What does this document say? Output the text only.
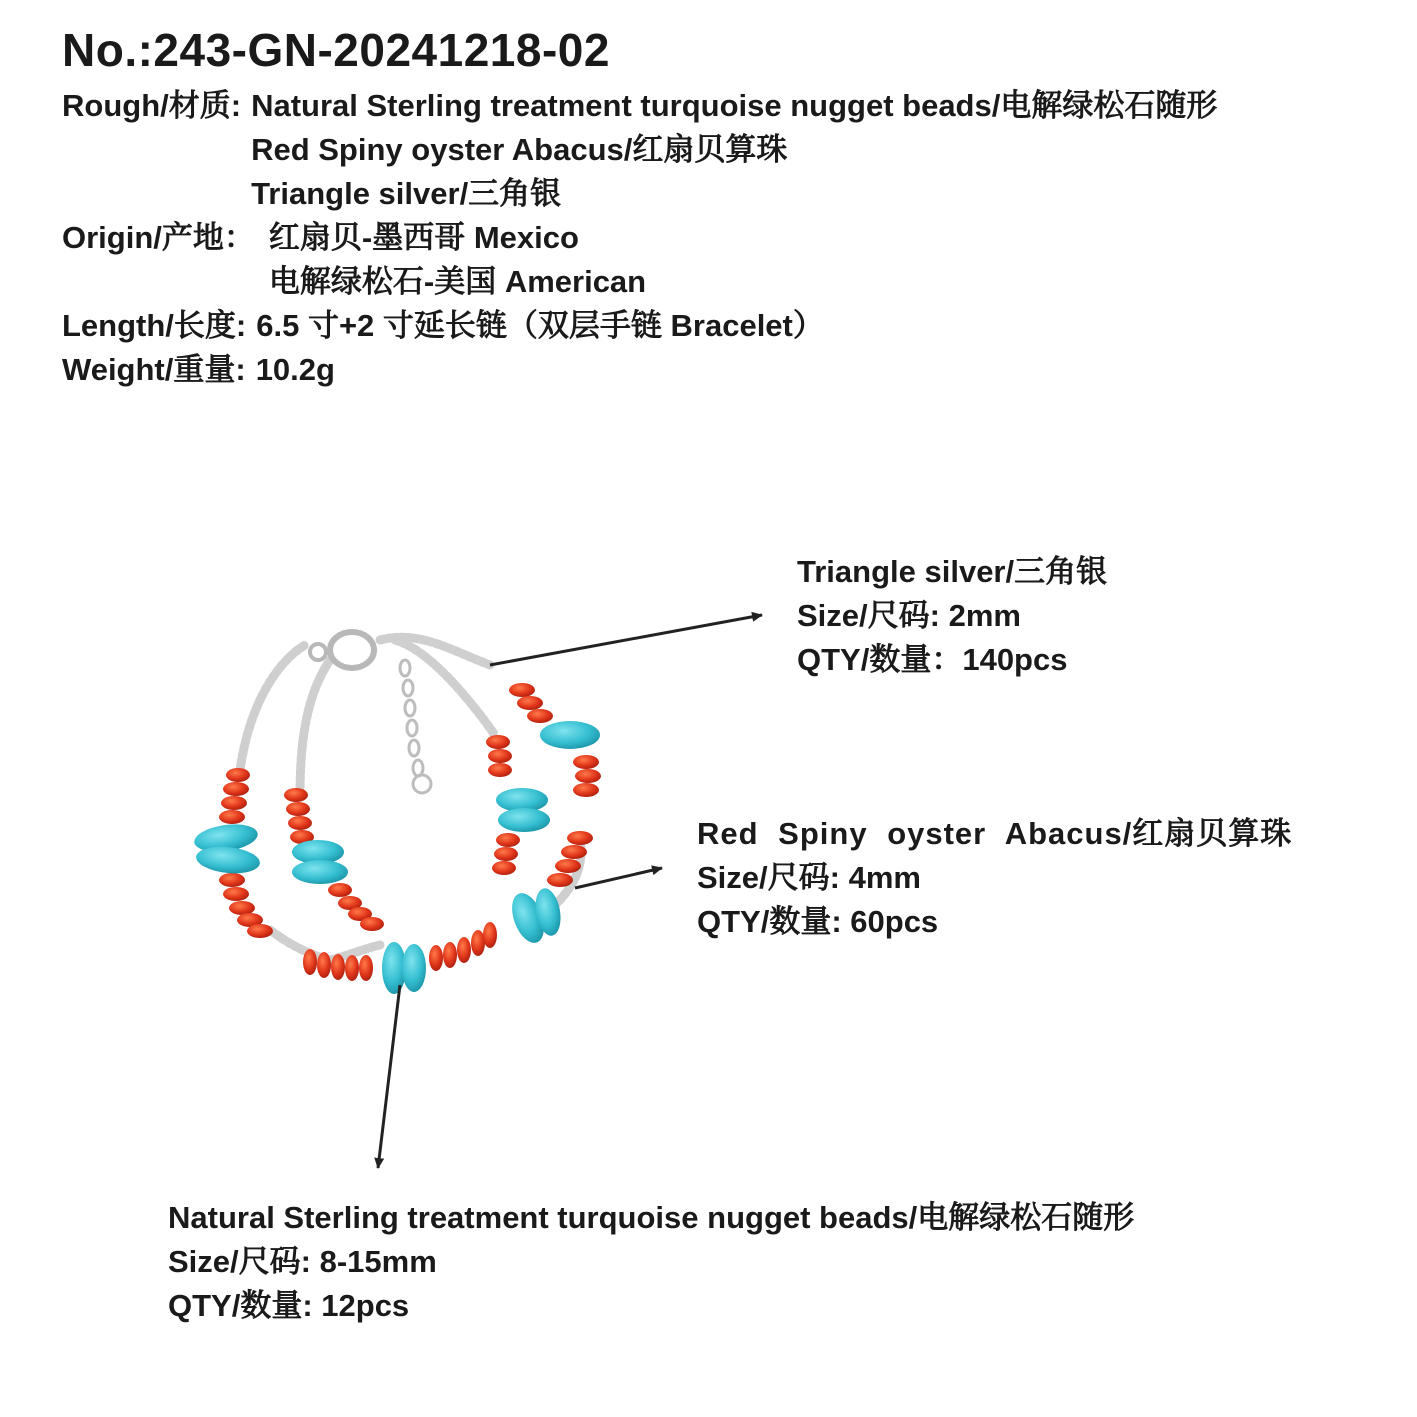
No.:243-GN-20241218-02
Rough/材质: Natural Sterling treatment turquoise nugget beads/电解绿松石随形
Red Spiny oyster Abacus/红扇贝算珠
Triangle silver/三角银
Origin/产地： 红扇贝-墨西哥 Mexico
电解绿松石-美国 American
Length/长度: 6.5 寸+2 寸延长链（双层手链 Bracelet）
Weight/重量: 10.2g
Triangle silver/三角银
Size/尺码: 2mm
QTY/数量：140pcs
Red Spiny oyster Abacus/红扇贝算珠
Size/尺码: 4mm
QTY/数量: 60pcs
Natural Sterling treatment turquoise nugget beads/电解绿松石随形
Size/尺码: 8-15mm
QTY/数量: 12pcs
